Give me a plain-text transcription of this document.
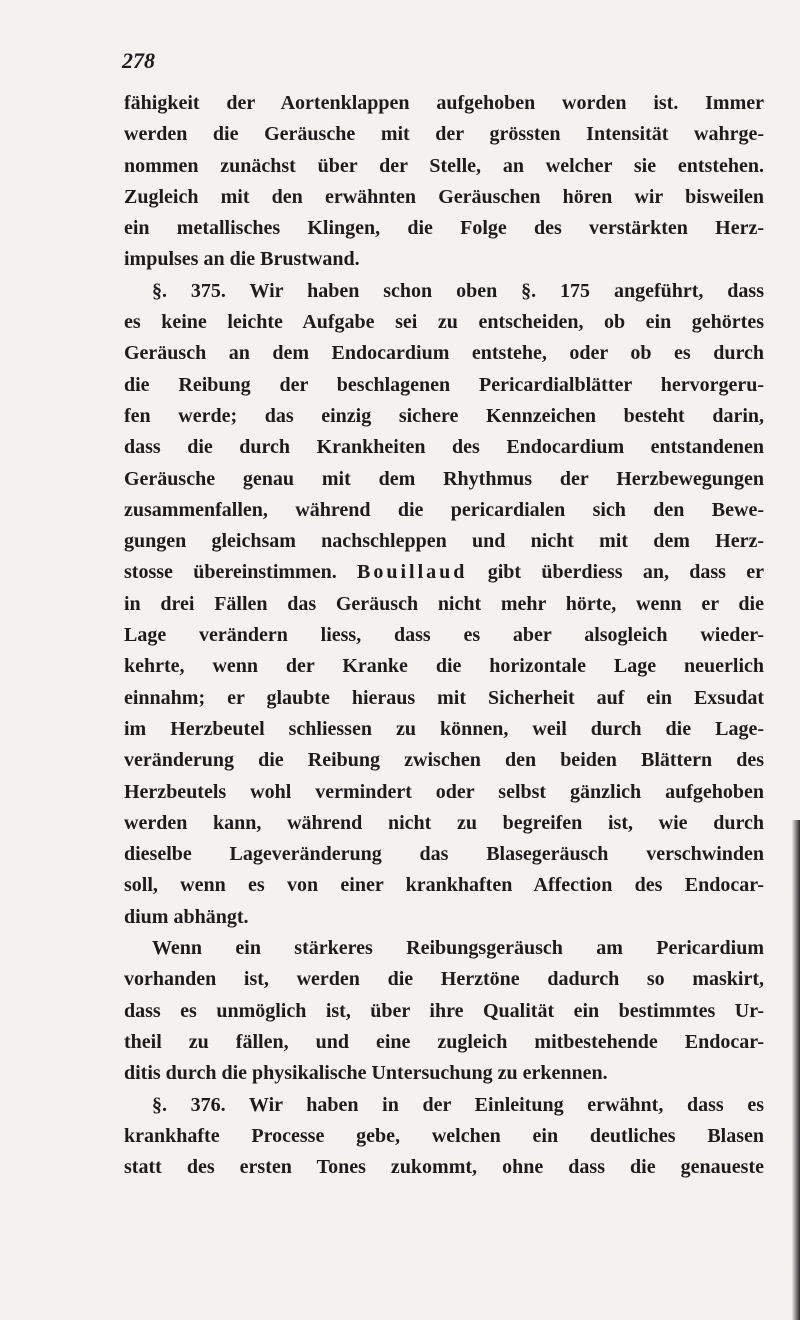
278
fähigkeit der Aortenklappen aufgehoben worden ist. Immer
werden die Geräusche mit der grössten Intensität wahrge-
nommen zunächst über der Stelle, an welcher sie entstehen.
Zugleich mit den erwähnten Geräuschen hören wir bisweilen
ein metallisches Klingen, die Folge des verstärkten Herz-
impulses an die Brustwand.
§. 375. Wir haben schon oben §. 175 angeführt, dass
es keine leichte Aufgabe sei zu entscheiden, ob ein gehörtes
Geräusch an dem Endocardium entstehe, oder ob es durch
die Reibung der beschlagenen Pericardialblätter hervorgeru-
fen werde; das einzig sichere Kennzeichen besteht darin,
dass die durch Krankheiten des Endocardium entstandenen
Geräusche genau mit dem Rhythmus der Herzbewegungen
zusammenfallen, während die pericardialen sich den Bewe-
gungen gleichsam nachschleppen und nicht mit dem Herz-
stosse übereinstimmen. Bouillaud gibt überdiess an, dass er
in drei Fällen das Geräusch nicht mehr hörte, wenn er die
Lage verändern liess, dass es aber alsogleich wieder-
kehrte, wenn der Kranke die horizontale Lage neuerlich
einnahm; er glaubte hieraus mit Sicherheit auf ein Exsudat
im Herzbeutel schliessen zu können, weil durch die Lage-
veränderung die Reibung zwischen den beiden Blättern des
Herzbeutels wohl vermindert oder selbst gänzlich aufgehoben
werden kann, während nicht zu begreifen ist, wie durch
dieselbe Lageveränderung das Blasegeräusch verschwinden
soll, wenn es von einer krankhaften Affection des Endocar-
dium abhängt.
Wenn ein stärkeres Reibungsgeräusch am Pericardium
vorhanden ist, werden die Herztöne dadurch so maskirt,
dass es unmöglich ist, über ihre Qualität ein bestimmtes Ur-
theil zu fällen, und eine zugleich mitbestehende Endocar-
ditis durch die physikalische Untersuchung zu erkennen.
§. 376. Wir haben in der Einleitung erwähnt, dass es
krankhafte Processe gebe, welchen ein deutliches Blasen
statt des ersten Tones zukommt, ohne dass die genaueste
